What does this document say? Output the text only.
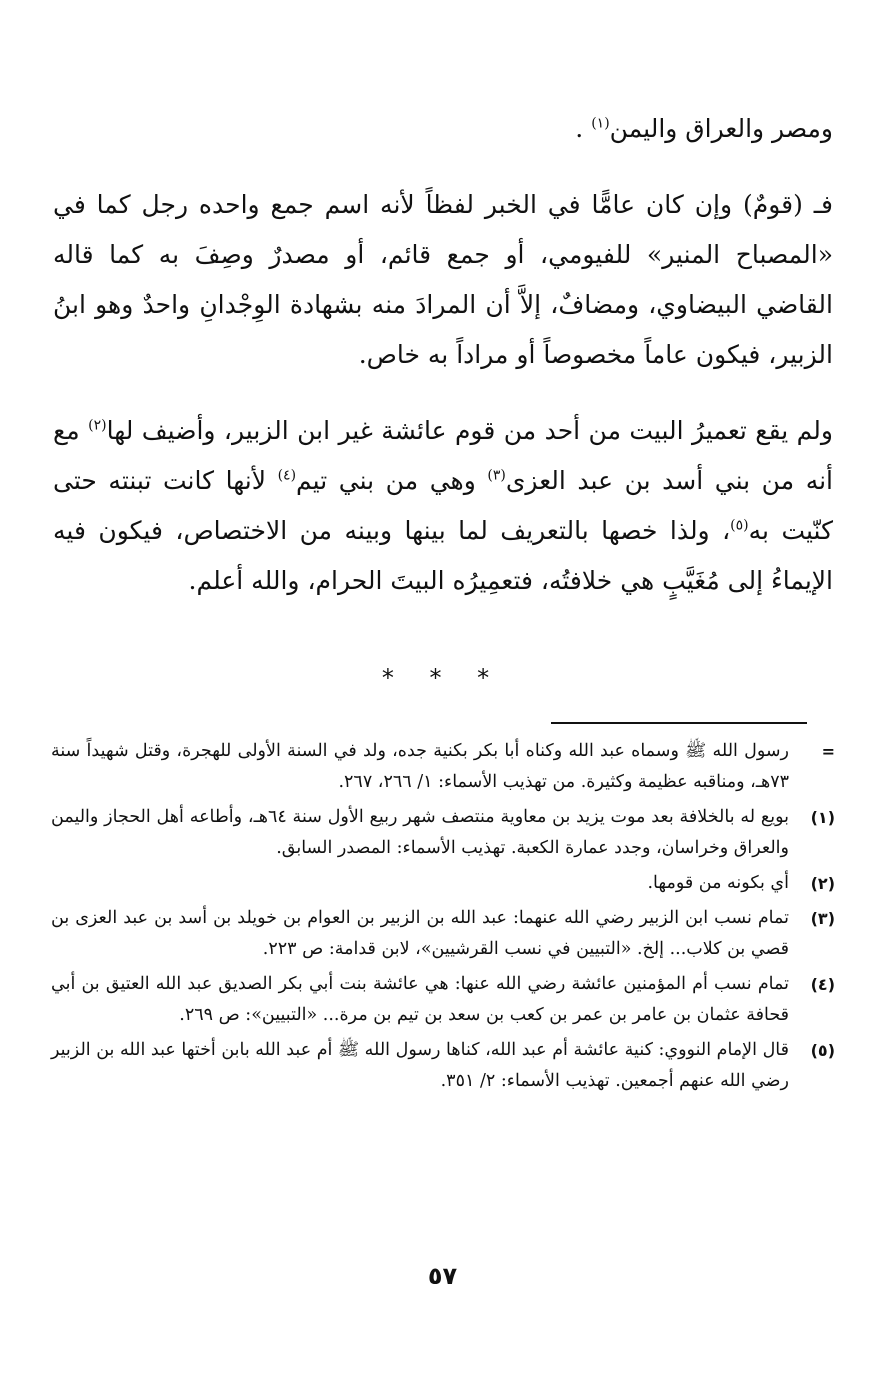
ومصر والعراق واليمن$^{(١)}$ .

فـ (قومٌ) وإن كان عامًّا في الخبر لفظاً لأنه اسم جمع واحده رجل كما في «المصباح المنير» للفيومي، أو جمع قائم، أو مصدرٌ وصِفَ به كما قاله القاضي البيضاوي، ومضافٌ، إلاَّ أن المرادَ منه بشهادة الوِجْدانِ واحدٌ وهو ابنُ الزبير، فيكون عاماً مخصوصاً أو مراداً به خاص.

ولم يقع تعميرُ البيت من أحد من قوم عائشة غير ابن الزبير، وأضيف لها$^{(٢)}$ مع أنه من بني أسد بن عبد العزى$^{(٣)}$ وهي من بني تيم$^{(٤)}$ لأنها كانت تبنته حتى كنّيت به$^{(٥)}$، ولذا خصها بالتعريف لما بينها وبينه من الاختصاص، فيكون فيه الإيماءُ إلى مُغَيَّبٍ هي خلافتُه، فتعمِيرُه البيتَ الحرام، والله أعلم.

* * *
=
رسول الله ﷺ وسماه عبد الله وكناه أبا بكر بكنية جده، ولد في السنة الأولى للهجرة، وقتل شهيداً سنة ٧٣هـ، ومناقبه عظيمة وكثيرة. من تهذيب الأسماء: ١/ ٢٦٦، ٢٦٧.
(١)
بويع له بالخلافة بعد موت يزيد بن معاوية منتصف شهر ربيع الأول سنة ٦٤هـ، وأطاعه أهل الحجاز واليمن والعراق وخراسان، وجدد عمارة الكعبة. تهذيب الأسماء: المصدر السابق.
(٢)
أي بكونه من قومها.
(٣)
تمام نسب ابن الزبير رضي الله عنهما: عبد الله بن الزبير بن العوام بن خويلد بن أسد بن عبد العزى بن قصي بن كلاب... إلخ. «التبيين في نسب القرشيين»، لابن قدامة: ص ٢٢٣.
(٤)
تمام نسب أم المؤمنين عائشة رضي الله عنها: هي عائشة بنت أبي بكر الصديق عبد الله العتيق بن أبي قحافة عثمان بن عامر بن عمر بن كعب بن سعد بن تيم بن مرة... «التبيين»: ص ٢٦٩.
(٥)
قال الإمام النووي: كنية عائشة أم عبد الله، كناها رسول الله ﷺ أم عبد الله بابن أختها عبد الله بن الزبير رضي الله عنهم أجمعين. تهذيب الأسماء: ٢/ ٣٥١.
٥٧
